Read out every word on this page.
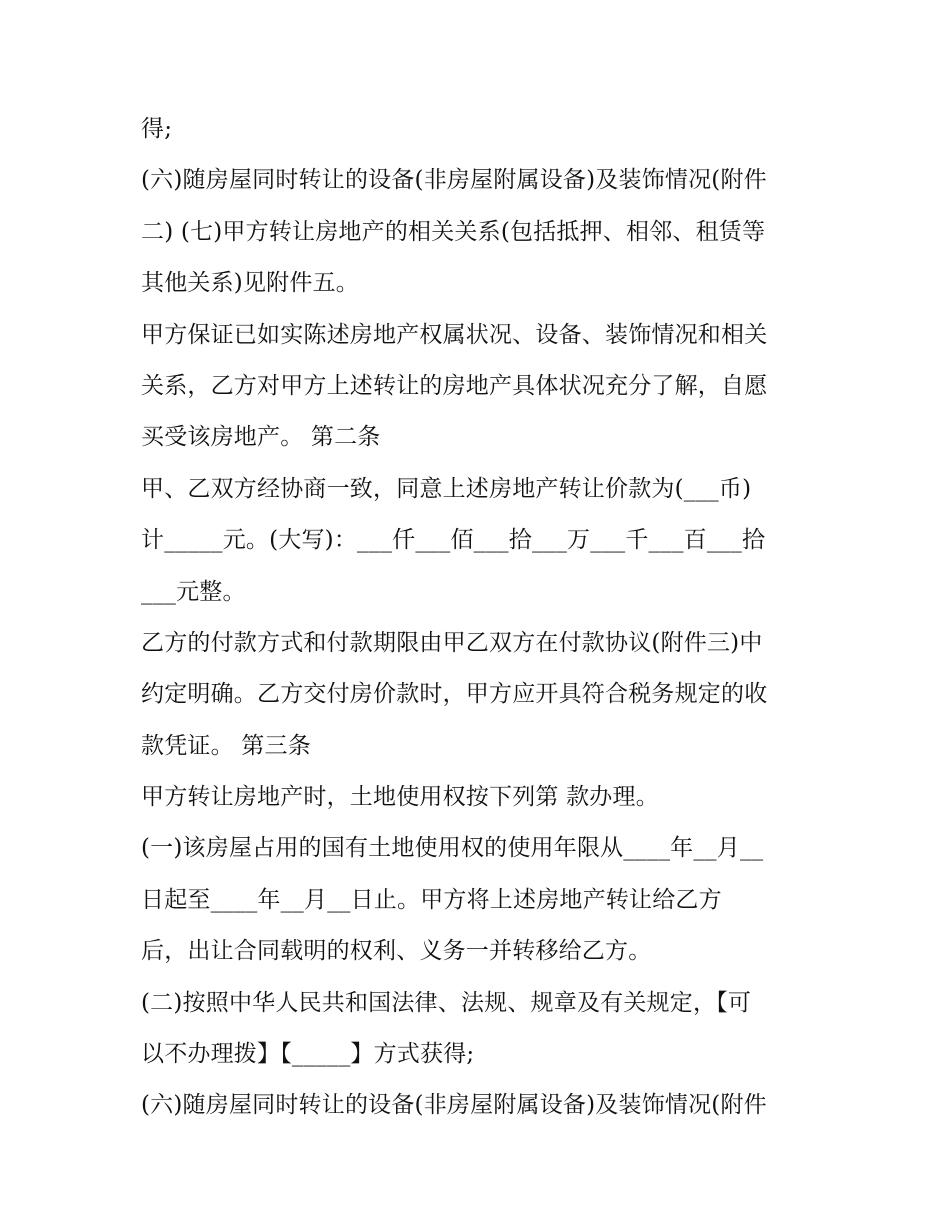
得;
(六)随房屋同时转让的设备(非房屋附属设备)及装饰情况(附件
二) (七)甲方转让房地产的相关关系(包括抵押、相邻、租赁等
其他关系)见附件五。
甲方保证已如实陈述房地产权属状况、设备、装饰情况和相关
关系，乙方对甲方上述转让的房地产具体状况充分了解，自愿
买受该房地产。 第二条
甲、乙双方经协商一致，同意上述房地产转让价款为(___币)
计_____元。(大写)：___仟___佰___拾___万___千___百___拾
___元整。
乙方的付款方式和付款期限由甲乙双方在付款协议(附件三)中
约定明确。乙方交付房价款时，甲方应开具符合税务规定的收
款凭证。 第三条
甲方转让房地产时，土地使用权按下列第 款办理。
(一)该房屋占用的国有土地使用权的使用年限从____年__月__
日起至____年__月__日止。甲方将上述房地产转让给乙方
后，出让合同载明的权利、义务一并转移给乙方。
(二)按照中华人民共和国法律、法规、规章及有关规定，【可
以不办理拨】【_____】方式获得;
(六)随房屋同时转让的设备(非房屋附属设备)及装饰情况(附件
